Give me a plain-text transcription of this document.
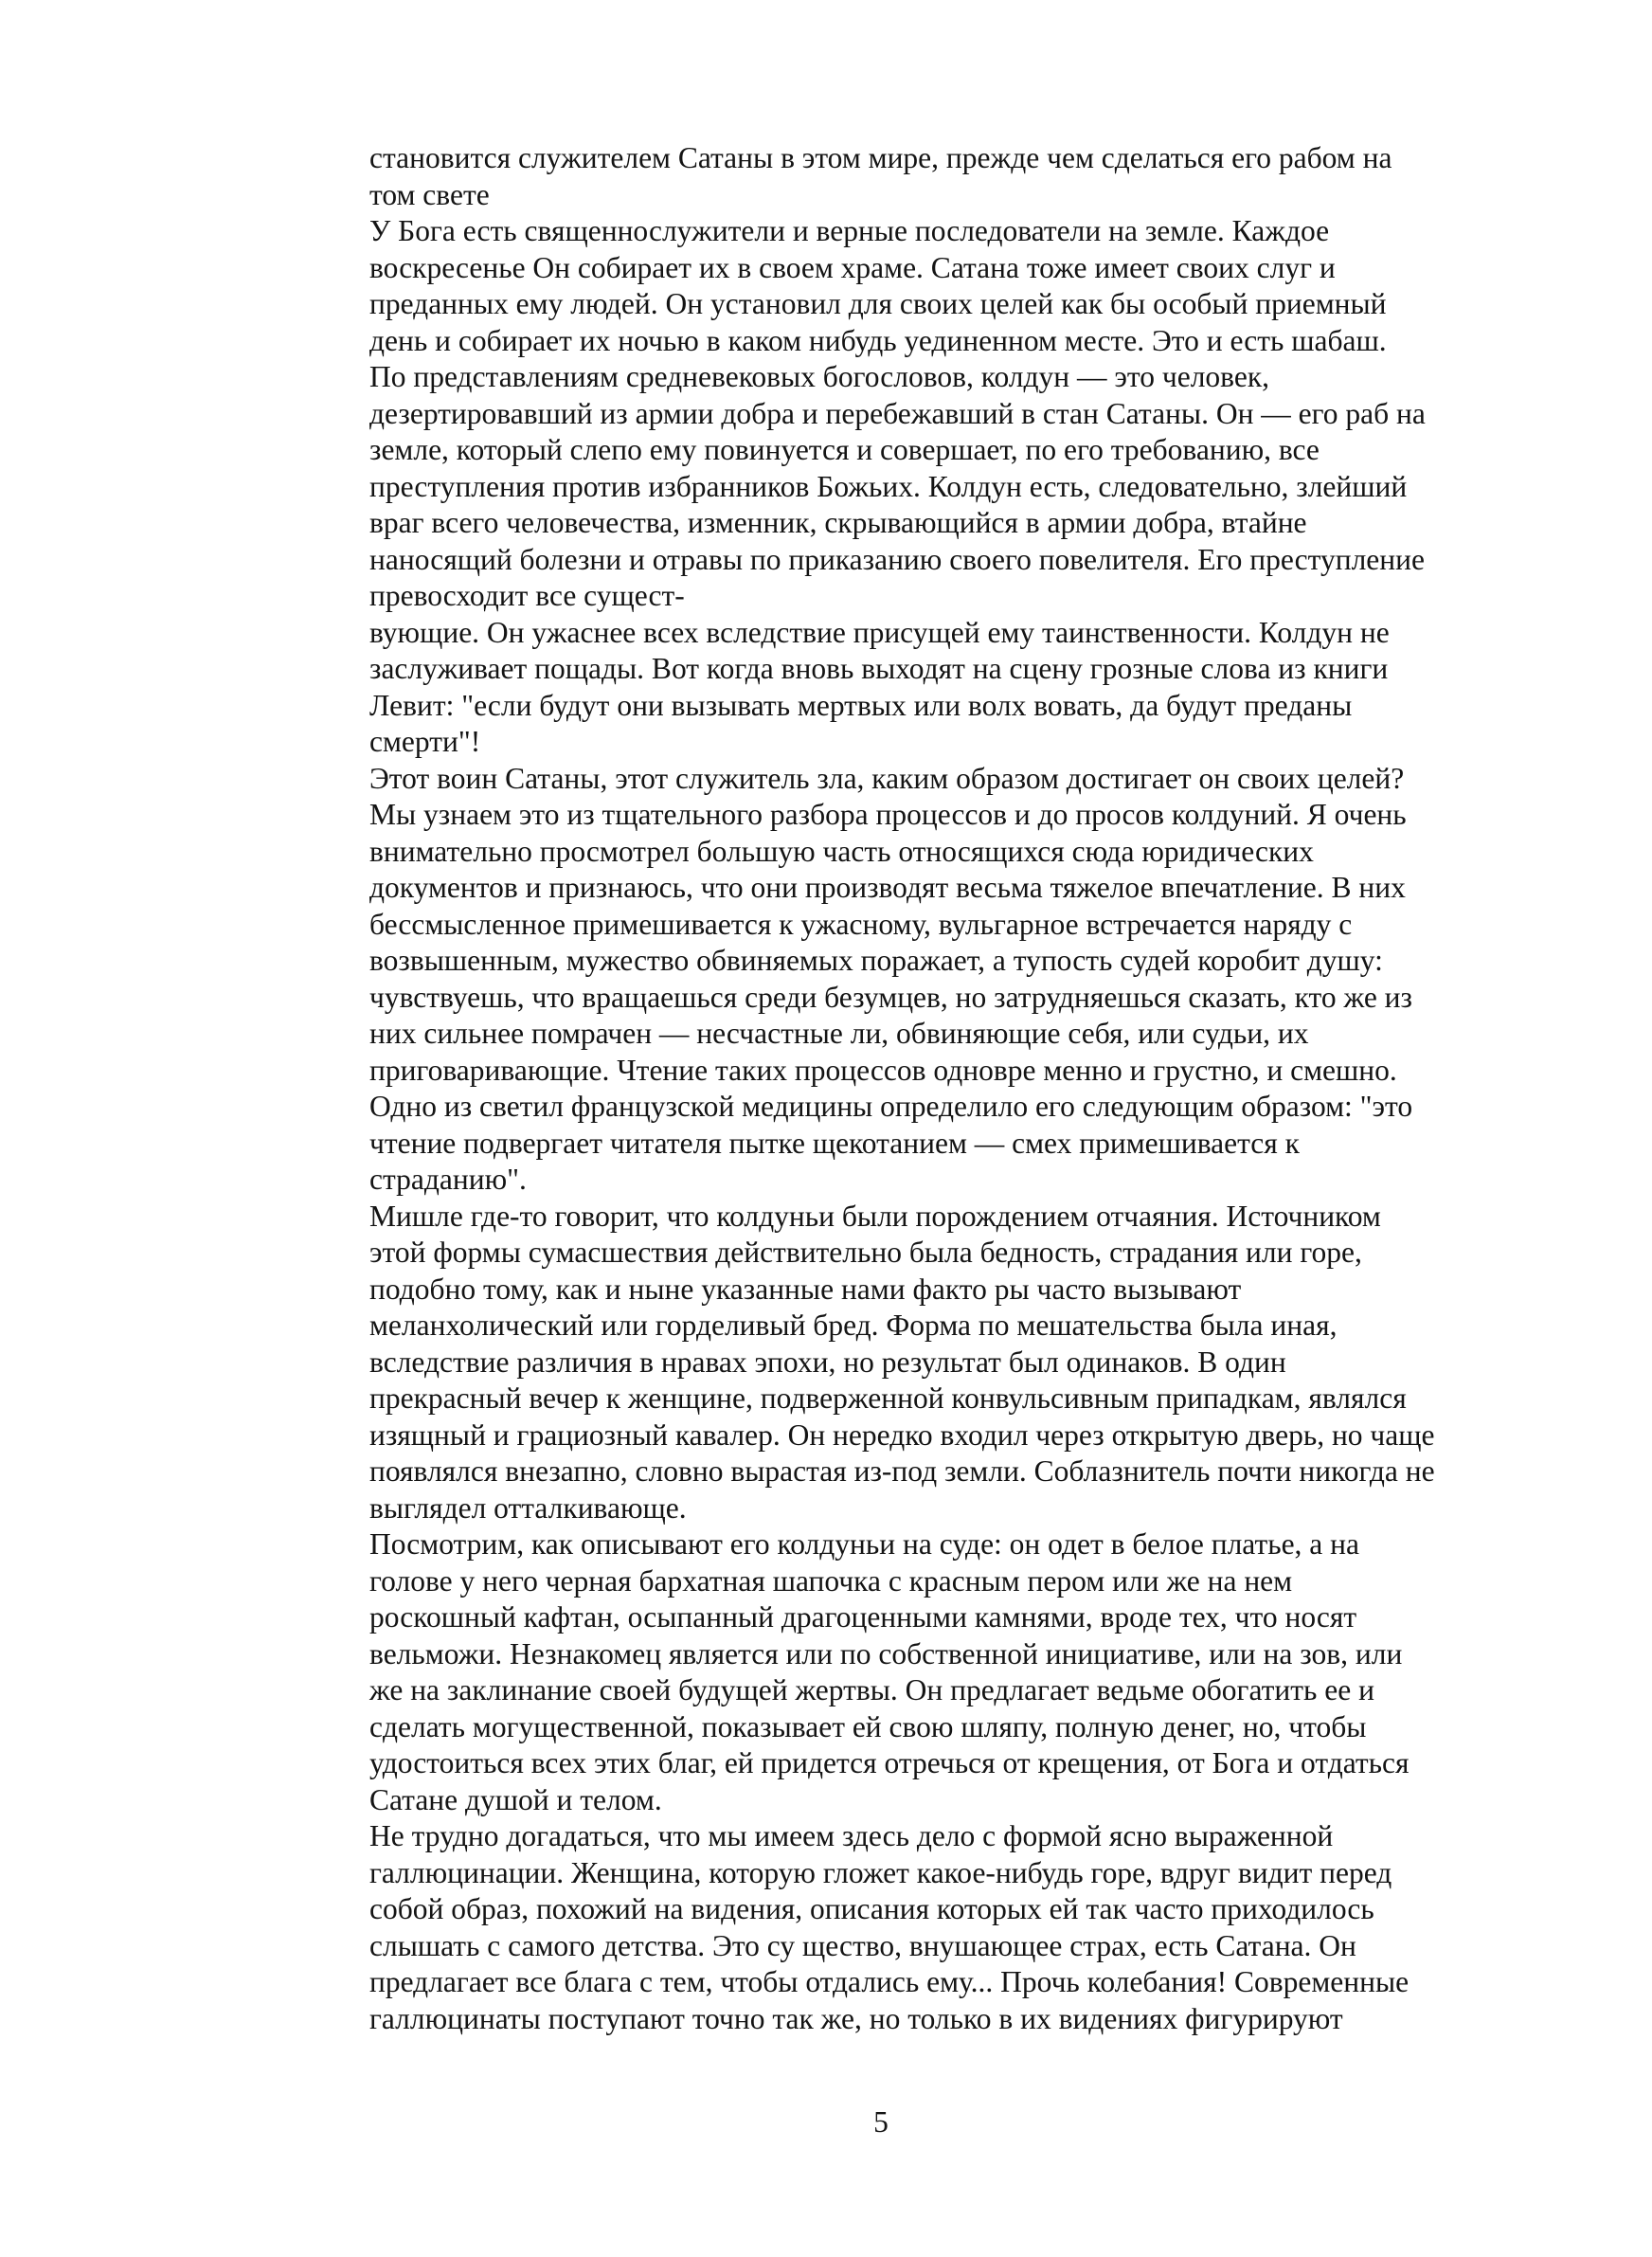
становится служителем Сатаны в этом мире, прежде чем сделаться его рабом на
том свете
У Бога есть священнослужители и верные последователи на земле. Каждое
воскресенье Он собирает их в своем храме. Сатана тоже имеет своих слуг и
преданных ему людей. Он установил для своих целей как бы особый приемный
день и собирает их ночью в каком нибудь уединенном месте. Это и есть шабаш.
По представлениям средневековых богословов, колдун — это человек,
дезертировавший из армии добра и перебежавший в стан Сатаны. Он — его раб на
земле, который слепо ему повинуется и совершает, по его требованию, все
преступления против избранников Божьих. Колдун есть, следовательно, злейший
враг всего человечества, изменник, скрывающийся в армии добра, втайне
наносящий болезни и отравы по приказанию своего повелителя. Его преступление
превосходит все сущест-
вующие. Он ужаснее всех вследствие присущей ему таинственности. Колдун не
заслуживает пощады. Вот когда вновь выходят на сцену грозные слова из книги
Левит: "если будут они вызывать мертвых или волх вовать, да будут преданы
смерти"!
Этот воин Сатаны, этот служитель зла, каким образом достигает он своих целей?
Мы узнаем это из тщательного разбора процессов и до просов колдуний. Я очень
внимательно просмотрел большую часть относящихся сюда юридических
документов и признаюсь, что они производят весьма тяжелое впечатление. В них
бессмысленное примешивается к ужасному, вульгарное встречается наряду с
возвышенным, мужество обвиняемых поражает, а тупость судей коробит душу:
чувствуешь, что вращаешься среди безумцев, но затрудняешься сказать, кто же из
них сильнее помрачен — несчастные ли, обвиняющие себя, или судьи, их
приговаривающие. Чтение таких процессов одновре менно и грустно, и смешно.
Одно из светил французской медицины определило его следующим образом: "это
чтение подвергает читателя пытке щекотанием — смех примешивается к
страданию".
Мишле где-то говорит, что колдуньи были порождением отчаяния. Источником
этой формы сумасшествия действительно была бедность, страдания или горе,
подобно тому, как и ныне указанные нами факто ры часто вызывают
меланхолический или горделивый бред. Форма по мешательства была иная,
вследствие различия в нравах эпохи, но результат был одинаков. В один
прекрасный вечер к женщине, подверженной конвульсивным припадкам, являлся
изящный и грациозный кавалер. Он нередко входил через открытую дверь, но чаще
появлялся внезапно, словно вырастая из-под земли. Соблазнитель почти никогда не
выглядел отталкивающе.
Посмотрим, как описывают его колдуньи на суде: он одет в белое платье, а на
голове у него черная бархатная шапочка с красным пером или же на нем
роскошный кафтан, осыпанный драгоценными камнями, вроде тех, что носят
вельможи. Незнакомец является или по собственной инициативе, или на зов, или
же на заклинание своей будущей жертвы. Он предлагает ведьме обогатить ее и
сделать могущественной, показывает ей свою шляпу, полную денег, но, чтобы
удостоиться всех этих благ, ей придется отречься от крещения, от Бога и отдаться
Сатане душой и телом.
Не трудно догадаться, что мы имеем здесь дело с формой ясно выраженной
галлюцинации. Женщина, которую гложет какое-нибудь горе, вдруг видит перед
собой образ, похожий на видения, описания которых ей так часто приходилось
слышать с самого детства. Это су щество, внушающее страх, есть Сатана. Он
предлагает все блага с тем, чтобы отдались ему... Прочь колебания! Современные
галлюцинаты поступают точно так же, но только в их видениях фигурируют
5
